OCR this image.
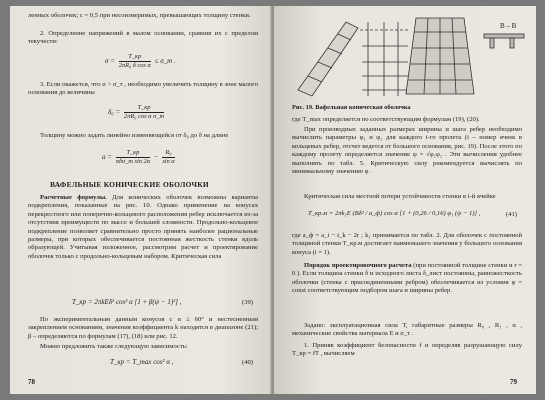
ленных оболочек; c = 0,5 при несоизмеримых, превышающих толщину стенки.
2. Определение напряжений в малом основании, сравнив их с пределом текучести:
$\sigma = \frac{T\_кр}{\text{2πR₀ δ cos α}}$ ≤ σ_т .
3. Если окажется, что σ > σ_т , необходимо увеличить толщину в зоне малого основания до величины
$\delta_0 = \frac{T\_кр}{\text{2πR₀ cos α σ\_т}}$
Толщину можно задать линейно изменяющейся от δ₀ до δ на длине
$a = \frac{T\_кр}{\text{πδσ\_т sin 2α}} - \frac{\text{R₀}}{\text{sin α}}$
ВАФЕЛЬНЫЕ КОНИЧЕСКИЕ ОБОЛОЧКИ
Расчетные формулы. Для конических оболочек возможны варианты подкрепления, показанные на рис. 10. Однако применение на конусах перекрестного или поперечно-кольцевого расположения ребер исключается из-за отсутствия преимуществ по массе и большей сложности. Продольно-кольцевое подкрепление позволяет сравнительно просто принять наиболее рациональные размеры, при которых обеспечивается постоянная жесткость стенки вдоль образующей. Учитывая изложенное, рассмотрим расчет и проектирование оболочек только с продольно-кольцевым набором. Критическая сила
T_кр = 2πkEδ² cos² α [1 + β(ψ − 1)²] ,	(39)
По экспериментальным данным конусов с α ≤ 60° и нестесненным закреплением основаниям, значения коэффициента k находятся в диапазоне (21); β – определяются по формулам (17), (18) или рис. 12.
Можно предложить также следующую зависимость:
T_кр = T_max cos² α ,	(40)
78
В – В
Рис. 19. Вафельная коническая оболочка
где T_max определяется по соответствующим формулам (19), (20).
При производных заданных размерах ширины и шага ребер необходимо вычислить параметры φ₁ и φ₂ для каждого i-го пролета (i – номер ячеек в кольцевых ребер, отсчет ведется от большого основания, рис. 19). После этого по каждому пролету определяется значение φ = √φ₁φ₂ . Эти вычисления удобнее выполнять по табл. 5. Критическую силу рекомендуется вычислять по минимальному значению φ .
Критическая сила местной потери устойчивости стенки в i-й ячейке
T_кр.м = 2πk₁E (Bδ³ / a_ф) cos α [1 + (0,26 / 0,16) φ₁ (ψ − 1)] ,	(41)
где a_ф = a_i − t_k − 2r ; k₁ принимается по табл. 2. Для оболочек с постоянной толщиной стенки T_кр.м достигает наименьшего значения у большего основания конуса (i = 1).
Порядок проектировочного расчета (при постоянной толщине стенки и r = 0 ). Если толщина стенки δ и исходного листа δ_лист постоянны, равножесткость оболочки (стенка с присоединенными ребром) обеспечивается из условия φ = const соответствующим подбором шага и ширины ребер.
Задано: эксплуатационная сила T, габаритные размеры R₀ , R₁ , α , механические свойства материала E и σ_т .
1. Приняв коэффициент безопасности f и определяв разрушающую силу T_кр = fT , вычисляем
79
